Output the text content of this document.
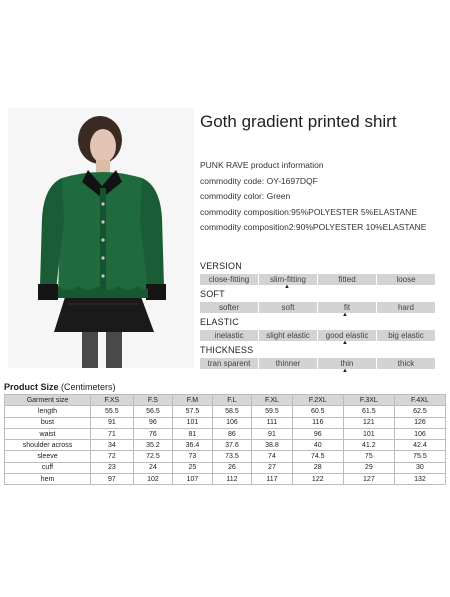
Goth gradient printed shirt
PUNK RAVE product information
commodity code: OY-1697DQF
commodity color: Green
commodity composition:95%POLYESTER 5%ELASTANE
commodity composition2:90%POLYESTER 10%ELASTANE
VERSION
close-fitting	slim-fitting	fitted	loose
▲
SOFT
softer	soft	fit	hard
▲
ELASTIC
inelastic	slight elastic	good elastic	big elastic
▲
THICKNESS
tran sparent	thinner	thin	thick
▲
Product Size (Centimeters)
Garment size	F.XS	F.S	F.M	F.L	F.XL	F.2XL	F.3XL	F.4XL
length	55.5	56.5	57.5	58.5	59.5	60.5	61.5	62.5
bust	91	96	101	106	111	116	121	126
waist	71	76	81	86	91	96	101	106
shoulder across	34	35.2	36.4	37.6	38.8	40	41.2	42.4
sleeve	72	72.5	73	73.5	74	74.5	75	75.5
cuff	23	24	25	26	27	28	29	30
hem	97	102	107	112	117	122	127	132
